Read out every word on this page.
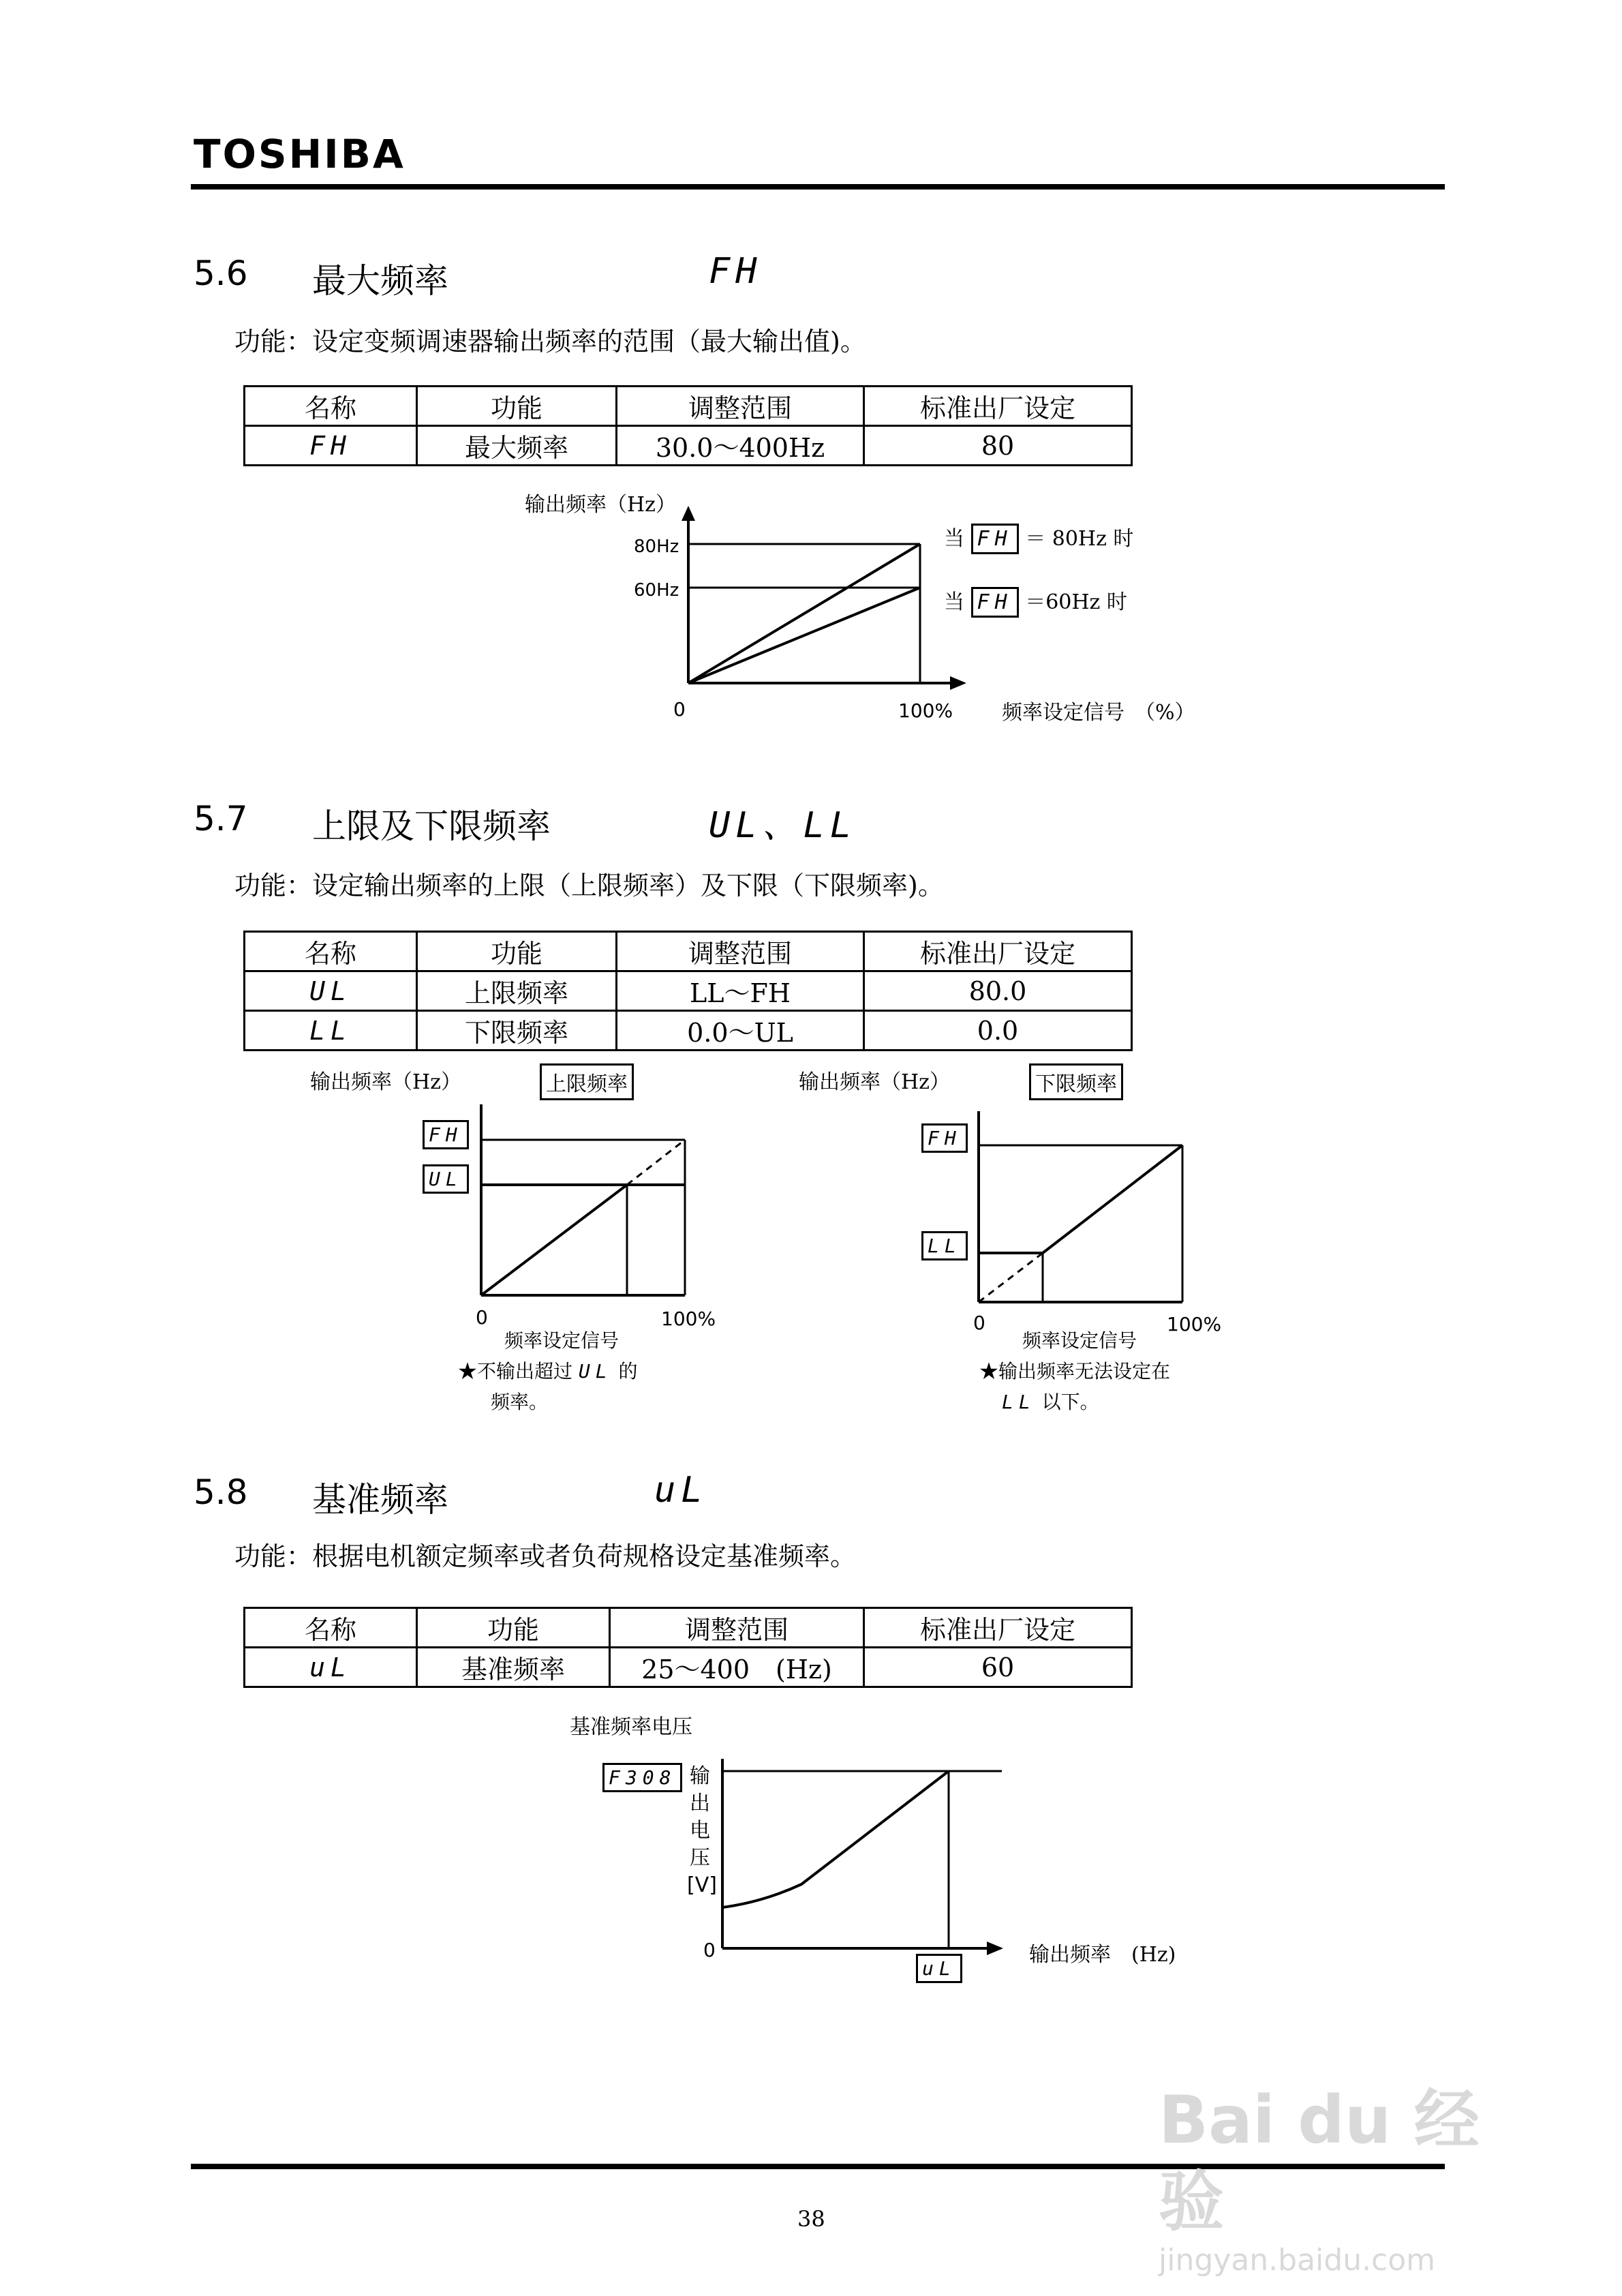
TOSHIBA
5.6 最大频率	FH
功能：设定变频调速器输出频率的范围（最大输出值)。
名称	功能	调整范围	标准出厂设定
FH	最大频率	30.0～400Hz	80
输出频率（Hz）
80Hz
60Hz
0	100%
当 FH ＝ 80Hz 时
当 FH ＝60Hz 时
频率设定信号　（%）
5.7 上限及下限频率	UL、LL
功能：设定输出频率的上限（上限频率）及下限（下限频率)。
名称	功能	调整范围	标准出厂设定
UL	上限频率	LL～FH	80.0
LL	下限频率	0.0～UL	0.0
输出频率（Hz）	上限频率
0	100%
FH
UL
频率设定信号
★不输出超过 UL 的
频率。
输出频率（Hz）	下限频率
0	100%
FH
LL
频率设定信号
★输出频率无法设定在
LL 以下。
5.8 基准频率	uL
功能：根据电机额定频率或者负荷规格设定基准频率。
名称	功能	调整范围	标准出厂设定
uL	基准频率	25～400　(Hz)	60
基准频率电压
0
F308 输
出
电
压
[V]
输出频率　(Hz)
uL
38
Bai du 经验
jingyan.baidu.com
